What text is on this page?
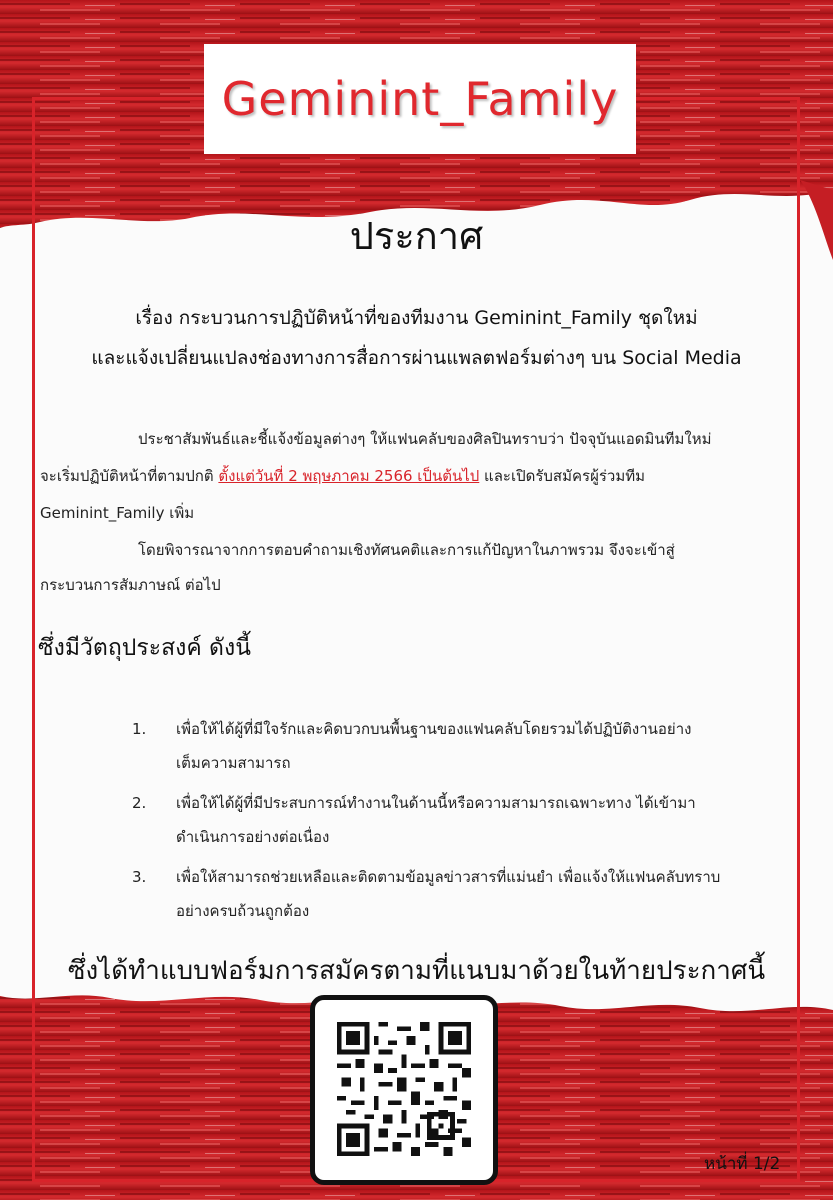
Geminint_Family
ประกาศ
เรื่อง กระบวนการปฏิบัติหน้าที่ของทีมงาน Geminint_Family ชุดใหม่
และแจ้งเปลี่ยนแปลงช่องทางการสื่อการผ่านแพลตฟอร์มต่างๆ บน Social Media
ประชาสัมพันธ์และชี้แจ้งข้อมูลต่างๆ ให้แฟนคลับของศิลปินทราบว่า ปัจจุบันแอดมินทีมใหม่
จะเริ่มปฏิบัติหน้าที่ตามปกติ ตั้งแต่วันที่ 2 พฤษภาคม 2566 เป็นต้นไป และเปิดรับสมัครผู้ร่วมทีม
Geminint_Family เพิ่ม
โดยพิจารณาจากการตอบคำถามเชิงทัศนคติและการแก้ปัญหาในภาพรวม จึงจะเข้าสู่
กระบวนการสัมภาษณ์ ต่อไป
ซึ่งมีวัตถุประสงค์ ดังนี้
1.	เพื่อให้ได้ผู้ที่มีใจรักและคิดบวกบนพื้นฐานของแฟนคลับโดยรวมได้ปฏิบัติงานอย่าง
เต็มความสามารถ
2.	เพื่อให้ได้ผู้ที่มีประสบการณ์ทำงานในด้านนี้หรือความสามารถเฉพาะทาง ได้เข้ามา
ดำเนินการอย่างต่อเนื่อง
3.	เพื่อให้สามารถช่วยเหลือและติดตามข้อมูลข่าวสารที่แม่นยำ เพื่อแจ้งให้แฟนคลับทราบ
อย่างครบถ้วนถูกต้อง
ซึ่งได้ทำแบบฟอร์มการสมัครตามที่แนบมาด้วยในท้ายประกาศนี้
หน้าที่ 1/2
